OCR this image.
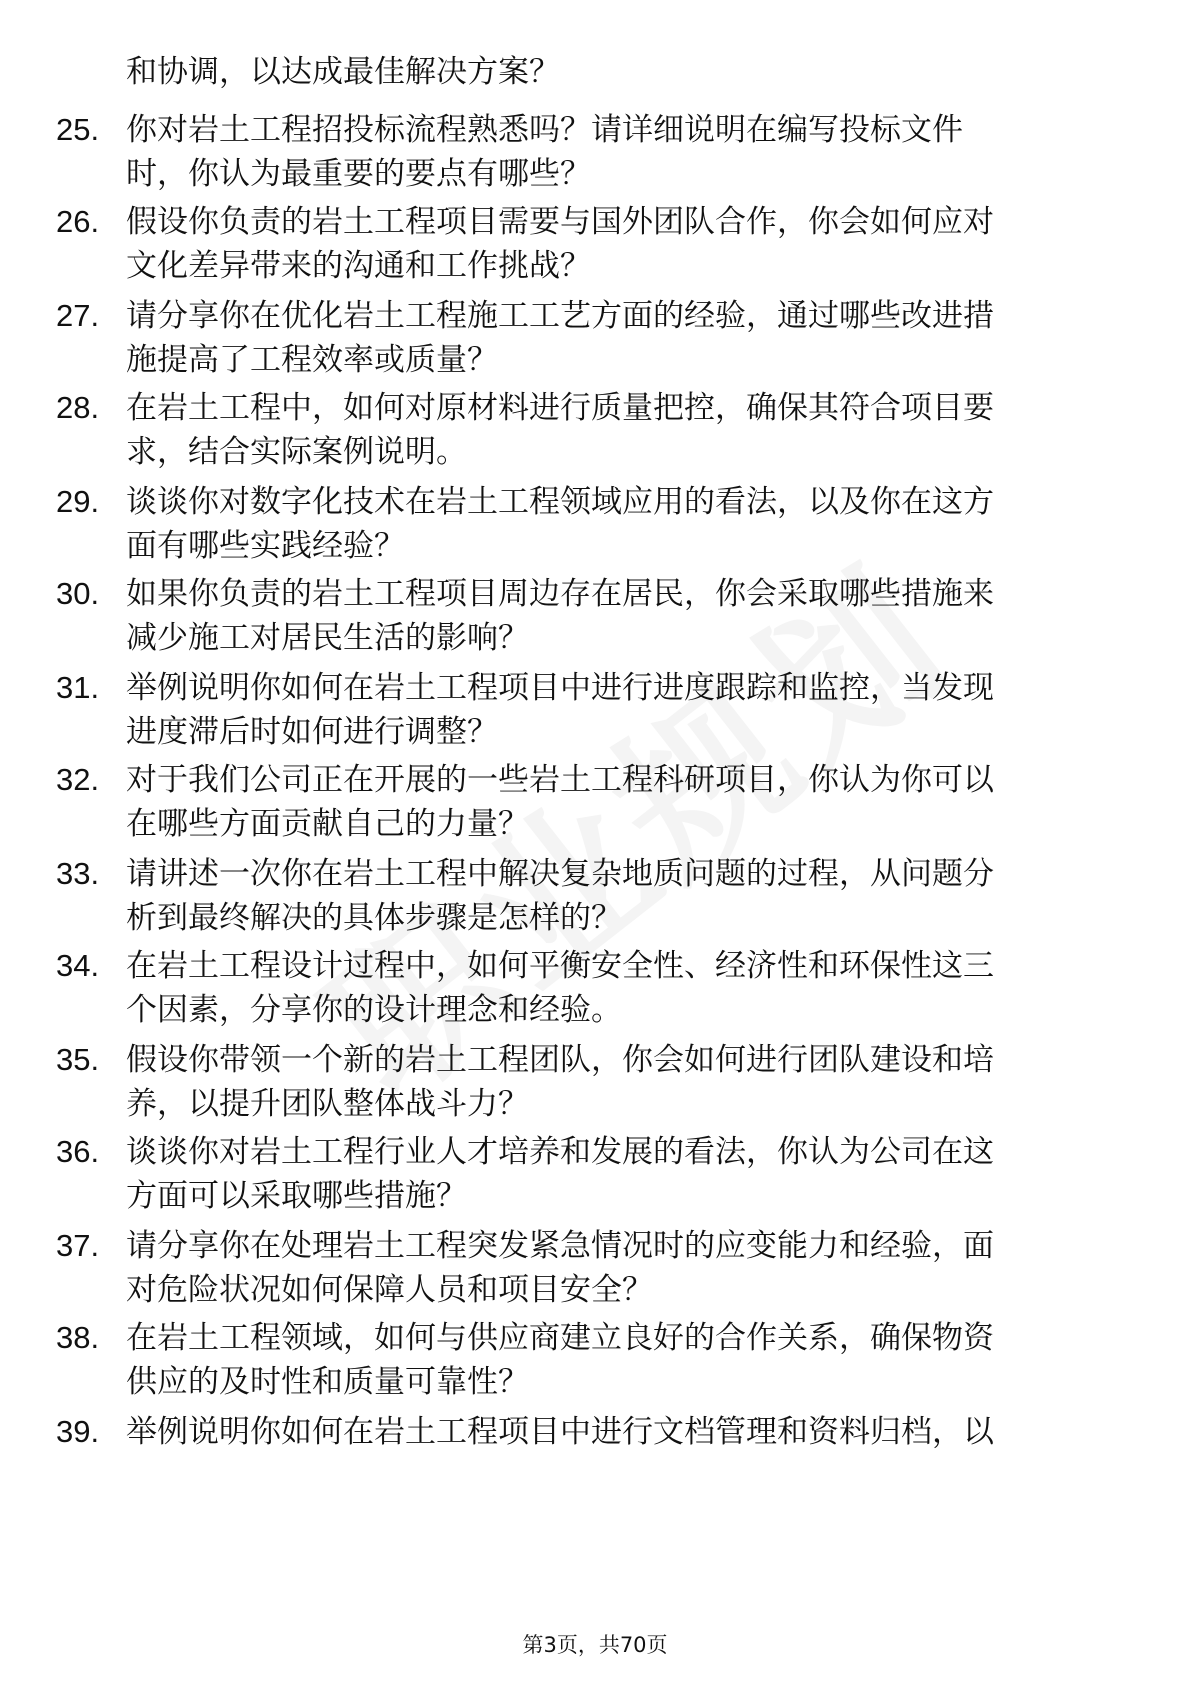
和协调，以达成最佳解决方案？
25. 你对岩土工程招投标流程熟悉吗？请详细说明在编写投标文件
时，你认为最重要的要点有哪些？
26. 假设你负责的岩土工程项目需要与国外团队合作，你会如何应对
文化差异带来的沟通和工作挑战？
27. 请分享你在优化岩土工程施工工艺方面的经验，通过哪些改进措
施提高了工程效率或质量？
28. 在岩土工程中，如何对原材料进行质量把控，确保其符合项目要
求，结合实际案例说明。
29. 谈谈你对数字化技术在岩土工程领域应用的看法，以及你在这方
面有哪些实践经验？
30. 如果你负责的岩土工程项目周边存在居民，你会采取哪些措施来
减少施工对居民生活的影响？
31. 举例说明你如何在岩土工程项目中进行进度跟踪和监控，当发现
进度滞后时如何进行调整？
32. 对于我们公司正在开展的一些岩土工程科研项目，你认为你可以
在哪些方面贡献自己的力量？
33. 请讲述一次你在岩土工程中解决复杂地质问题的过程，从问题分
析到最终解决的具体步骤是怎样的？
34. 在岩土工程设计过程中，如何平衡安全性、经济性和环保性这三
个因素，分享你的设计理念和经验。
35. 假设你带领一个新的岩土工程团队，你会如何进行团队建设和培
养，以提升团队整体战斗力？
36. 谈谈你对岩土工程行业人才培养和发展的看法，你认为公司在这
方面可以采取哪些措施？
37. 请分享你在处理岩土工程突发紧急情况时的应变能力和经验，面
对危险状况如何保障人员和项目安全？
38. 在岩土工程领域，如何与供应商建立良好的合作关系，确保物资
供应的及时性和质量可靠性？
39. 举例说明你如何在岩土工程项目中进行文档管理和资料归档，以
第3页，共70页
